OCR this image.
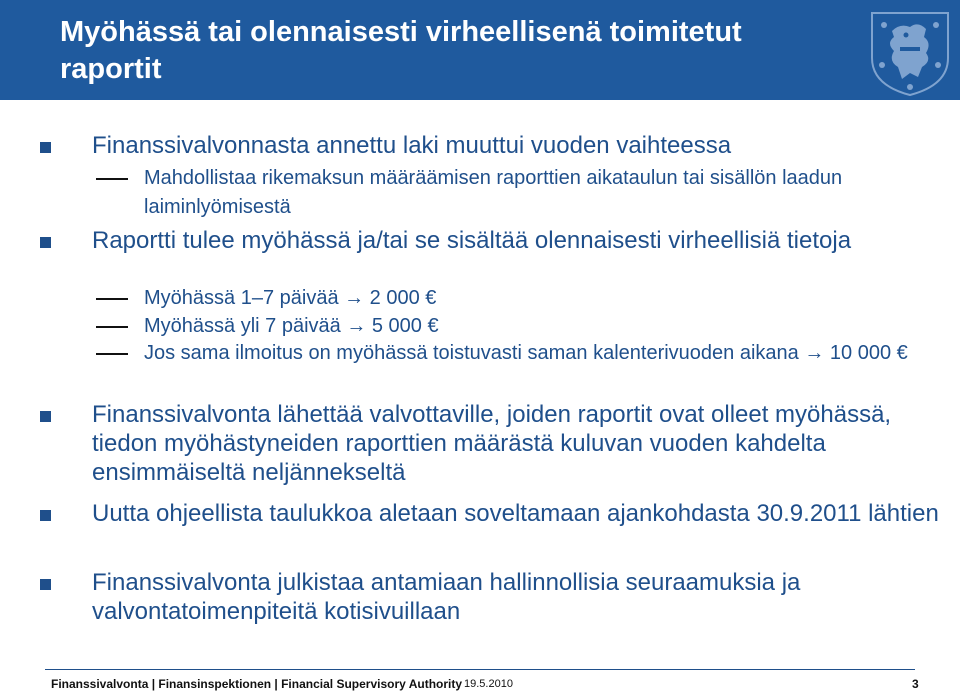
Myöhässä tai olennaisesti virheellisenä toimitetut raportit
Finanssivalvonnasta annettu laki muuttui vuoden vaihteessa
Mahdollistaa rikemaksun määräämisen raporttien aikataulun tai sisällön laadun laiminlyömisestä
Raportti tulee myöhässä ja/tai se sisältää olennaisesti virheellisiä tietoja
Myöhässä 1–7 päivää → 2 000 €
Myöhässä yli 7 päivää → 5 000 €
Jos sama ilmoitus on myöhässä toistuvasti saman kalenterivuoden aikana → 10 000 €
Finanssivalvonta lähettää valvottaville, joiden raportit ovat olleet myöhässä, tiedon myöhästyneiden raporttien määrästä kuluvan vuoden kahdelta ensimmäiseltä neljännekseltä
Uutta ohjeellista taulukkoa aletaan soveltamaan ajankohdasta 30.9.2011 lähtien
Finanssivalvonta julkistaa antamiaan hallinnollisia seuraamuksia ja valvontatoimenpiteitä kotisivuillaan
Finanssivalvonta | Finansinspektionen | Financial Supervisory Authority 19.5.2010	3
